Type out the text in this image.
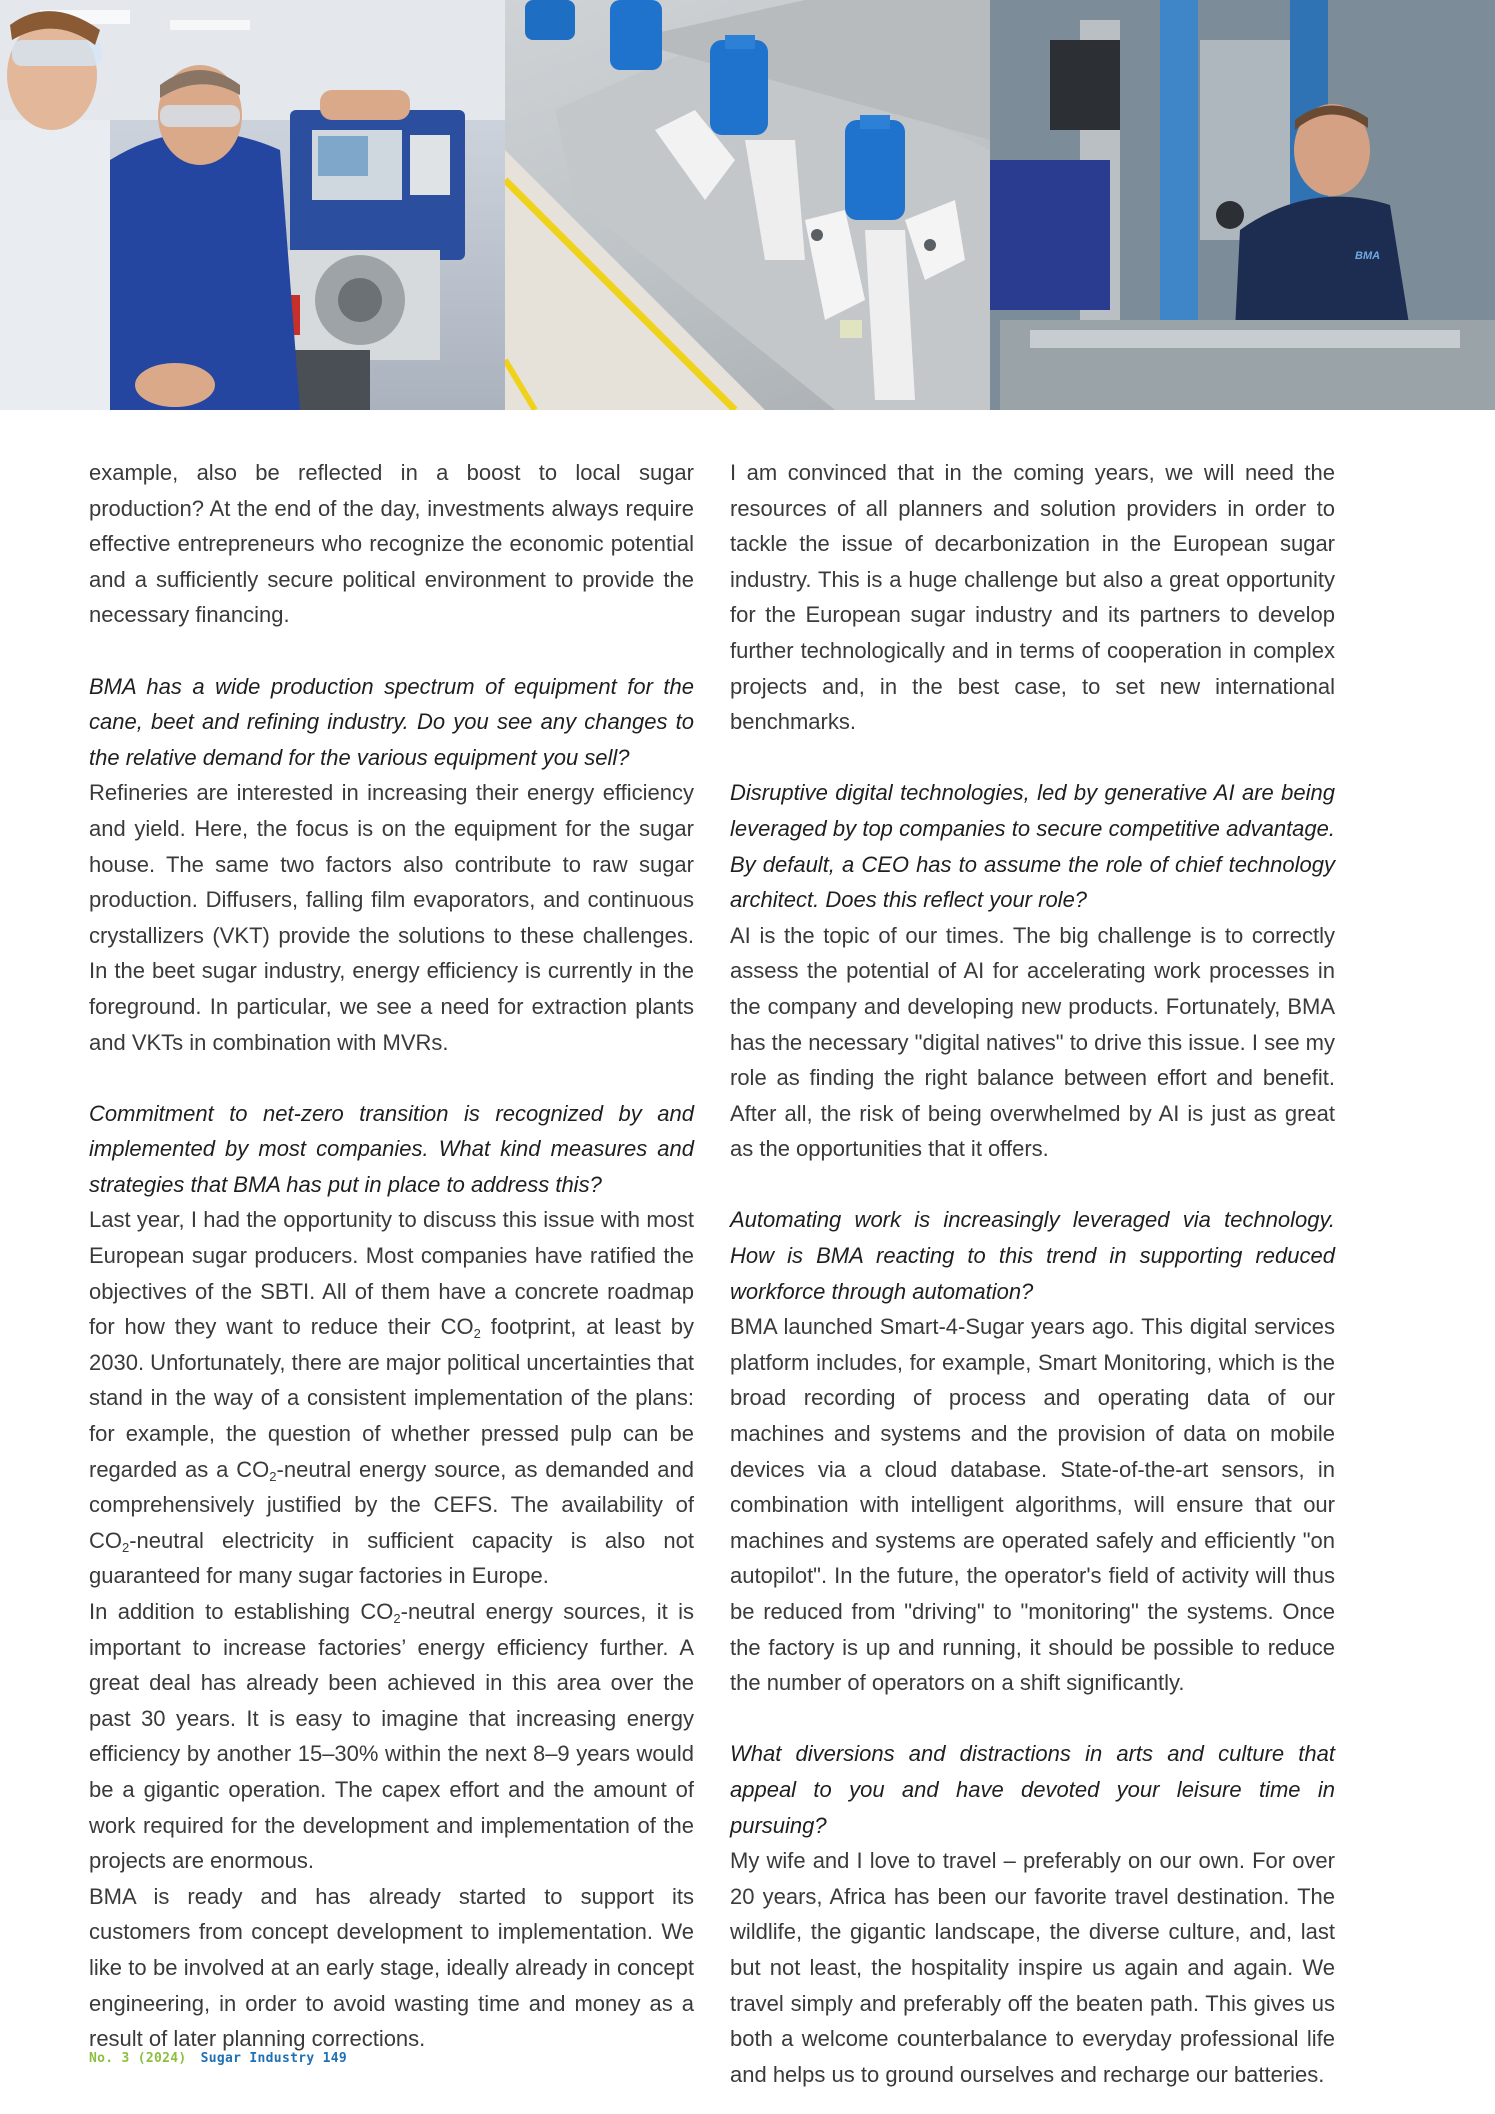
BMA

example, also be reflected in a boost to local sugar production? At the end of the day, investments always require effective entrepreneurs who recognize the economic potential and a sufficiently secure political environment to provide the necessary financing.

BMA has a wide production spectrum of equipment for the cane, beet and refining industry. Do you see any changes to the relative demand for the various equipment you sell?

Refineries are interested in increasing their energy efficiency and yield. Here, the focus is on the equipment for the sugar house. The same two factors also contribute to raw sugar production. Diffusers, falling film evaporators, and continuous crystallizers (VKT) provide the solutions to these challenges. In the beet sugar industry, energy efficiency is currently in the foreground. In particular, we see a need for extraction plants and VKTs in combination with MVRs.

Commitment to net-zero transition is recognized by and implemented by most companies. What kind measures and strategies that BMA has put in place to address this?

Last year, I had the opportunity to discuss this issue with most European sugar producers. Most companies have ratified the objectives of the SBTI. All of them have a concrete roadmap for how they want to reduce their $CO_2$ footprint, at least by 2030. Unfortunately, there are major political uncertainties that stand in the way of a consistent implementation of the plans: for example, the question of whether pressed pulp can be regarded as a $CO_2$-neutral energy source, as demanded and comprehensively justified by the CEFS. The availability of $CO_2$-neutral electricity in sufficient capacity is also not guaranteed for many sugar factories in Europe.

In addition to establishing $CO_2$-neutral energy sources, it is important to increase factories’ energy efficiency further. A great deal has already been achieved in this area over the past 30 years. It is easy to imagine that increasing energy efficiency by another 15–30% within the next 8–9 years would be a gigantic operation. The capex effort and the amount of work required for the development and implementation of the projects are enormous.

BMA is ready and has already started to support its customers from concept development to implementation. We like to be involved at an early stage, ideally already in concept engineering, in order to avoid wasting time and money as a result of later planning corrections.

I am convinced that in the coming years, we will need the resources of all planners and solution providers in order to tackle the issue of decarbonization in the European sugar industry. This is a huge challenge but also a great opportunity for the European sugar industry and its partners to develop further technologically and in terms of cooperation in complex projects and, in the best case, to set new international benchmarks.

Disruptive digital technologies, led by generative AI are being leveraged by top companies to secure competitive advantage. By default, a CEO has to assume the role of chief technology architect. Does this reflect your role?

AI is the topic of our times. The big challenge is to correctly assess the potential of AI for accelerating work processes in the company and developing new products. Fortunately, BMA has the necessary "digital natives" to drive this issue. I see my role as finding the right balance between effort and benefit. After all, the risk of being overwhelmed by AI is just as great as the opportunities that it offers.

Automating work is increasingly leveraged via technology. How is BMA reacting to this trend in supporting reduced workforce through automation?

BMA launched Smart-4-Sugar years ago. This digital services platform includes, for example, Smart Monitoring, which is the broad recording of process and operating data of our machines and systems and the provision of data on mobile devices via a cloud database. State-of-the-art sensors, in combination with intelligent algorithms, will ensure that our machines and systems are operated safely and efficiently "on autopilot". In the future, the operator's field of activity will thus be reduced from "driving" to "monitoring" the systems. Once the factory is up and running, it should be possible to reduce the number of operators on a shift significantly.

What diversions and distractions in arts and culture that appeal to you and have devoted your leisure time in pursuing?

My wife and I love to travel – preferably on our own. For over 20 years, Africa has been our favorite travel destination. The wildlife, the gigantic landscape, the diverse culture, and, last but not least, the hospitality inspire us again and again. We travel simply and preferably off the beaten path. This gives us both a welcome counterbalance to everyday professional life and helps us to ground ourselves and recharge our batteries.

No. 3 (2024) Sugar Industry 149
